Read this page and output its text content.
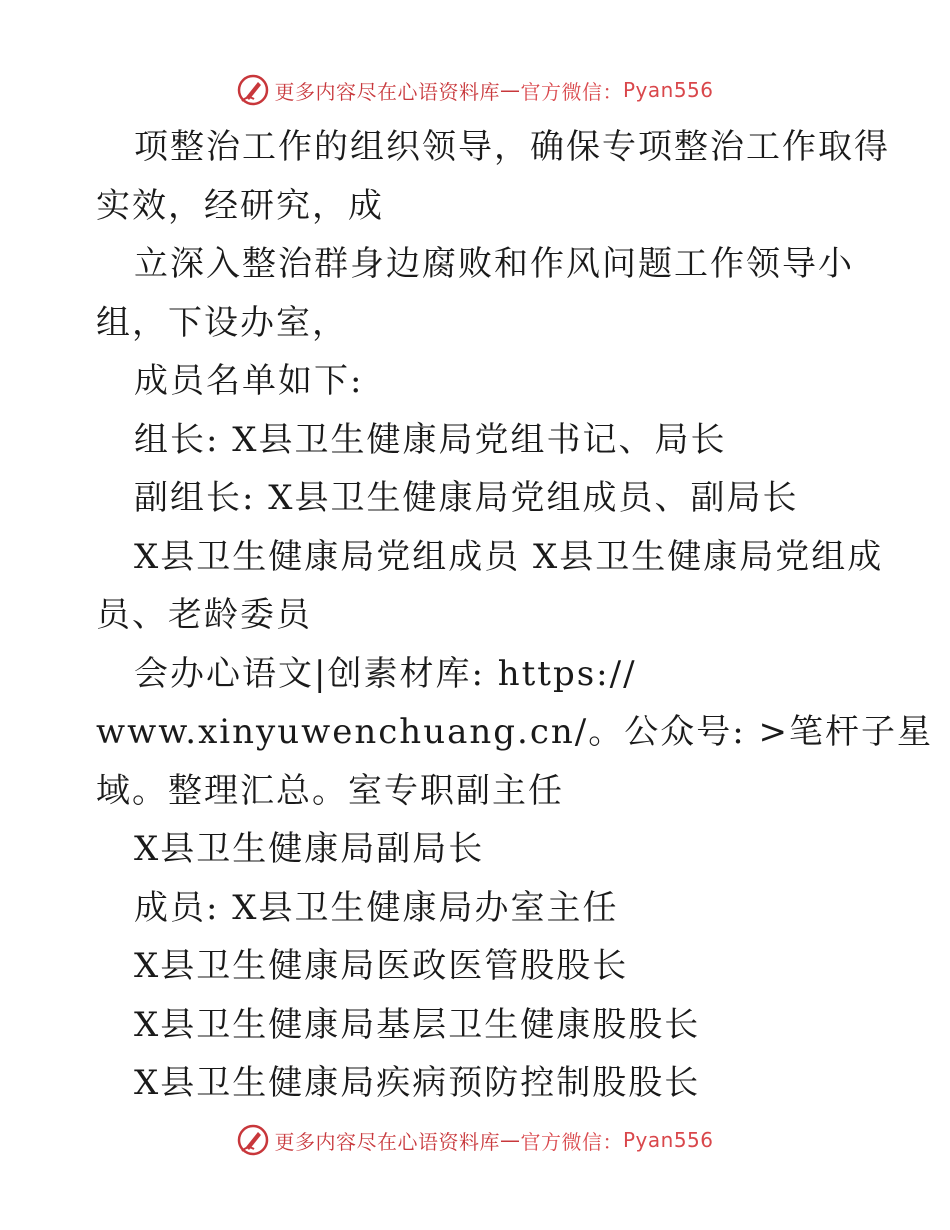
更多内容尽在心语资料库 — 官方微信： Pyan556
项整治工作的组织领导，确保专项整治工作取得
实效，经研究，成
立深入整治群身边腐败和作风问题工作领导小
组，下设办室，
成员名单如下:
组长: X县卫生健康局党组书记、局长
副组长: X县卫生健康局党组成员、副局长
X县卫生健康局党组成员 X县卫生健康局党组成
员、老龄委员
会办心语文|创素材库: https://
www.xinyuwenchuang.cn/。公众号: >笔杆子星
域。整理汇总。室专职副主任
X县卫生健康局副局长
成员: X县卫生健康局办室主任
X县卫生健康局医政医管股股长
X县卫生健康局基层卫生健康股股长
X县卫生健康局疾病预防控制股股长
更多内容尽在心语资料库 — 官方微信： Pyan556
